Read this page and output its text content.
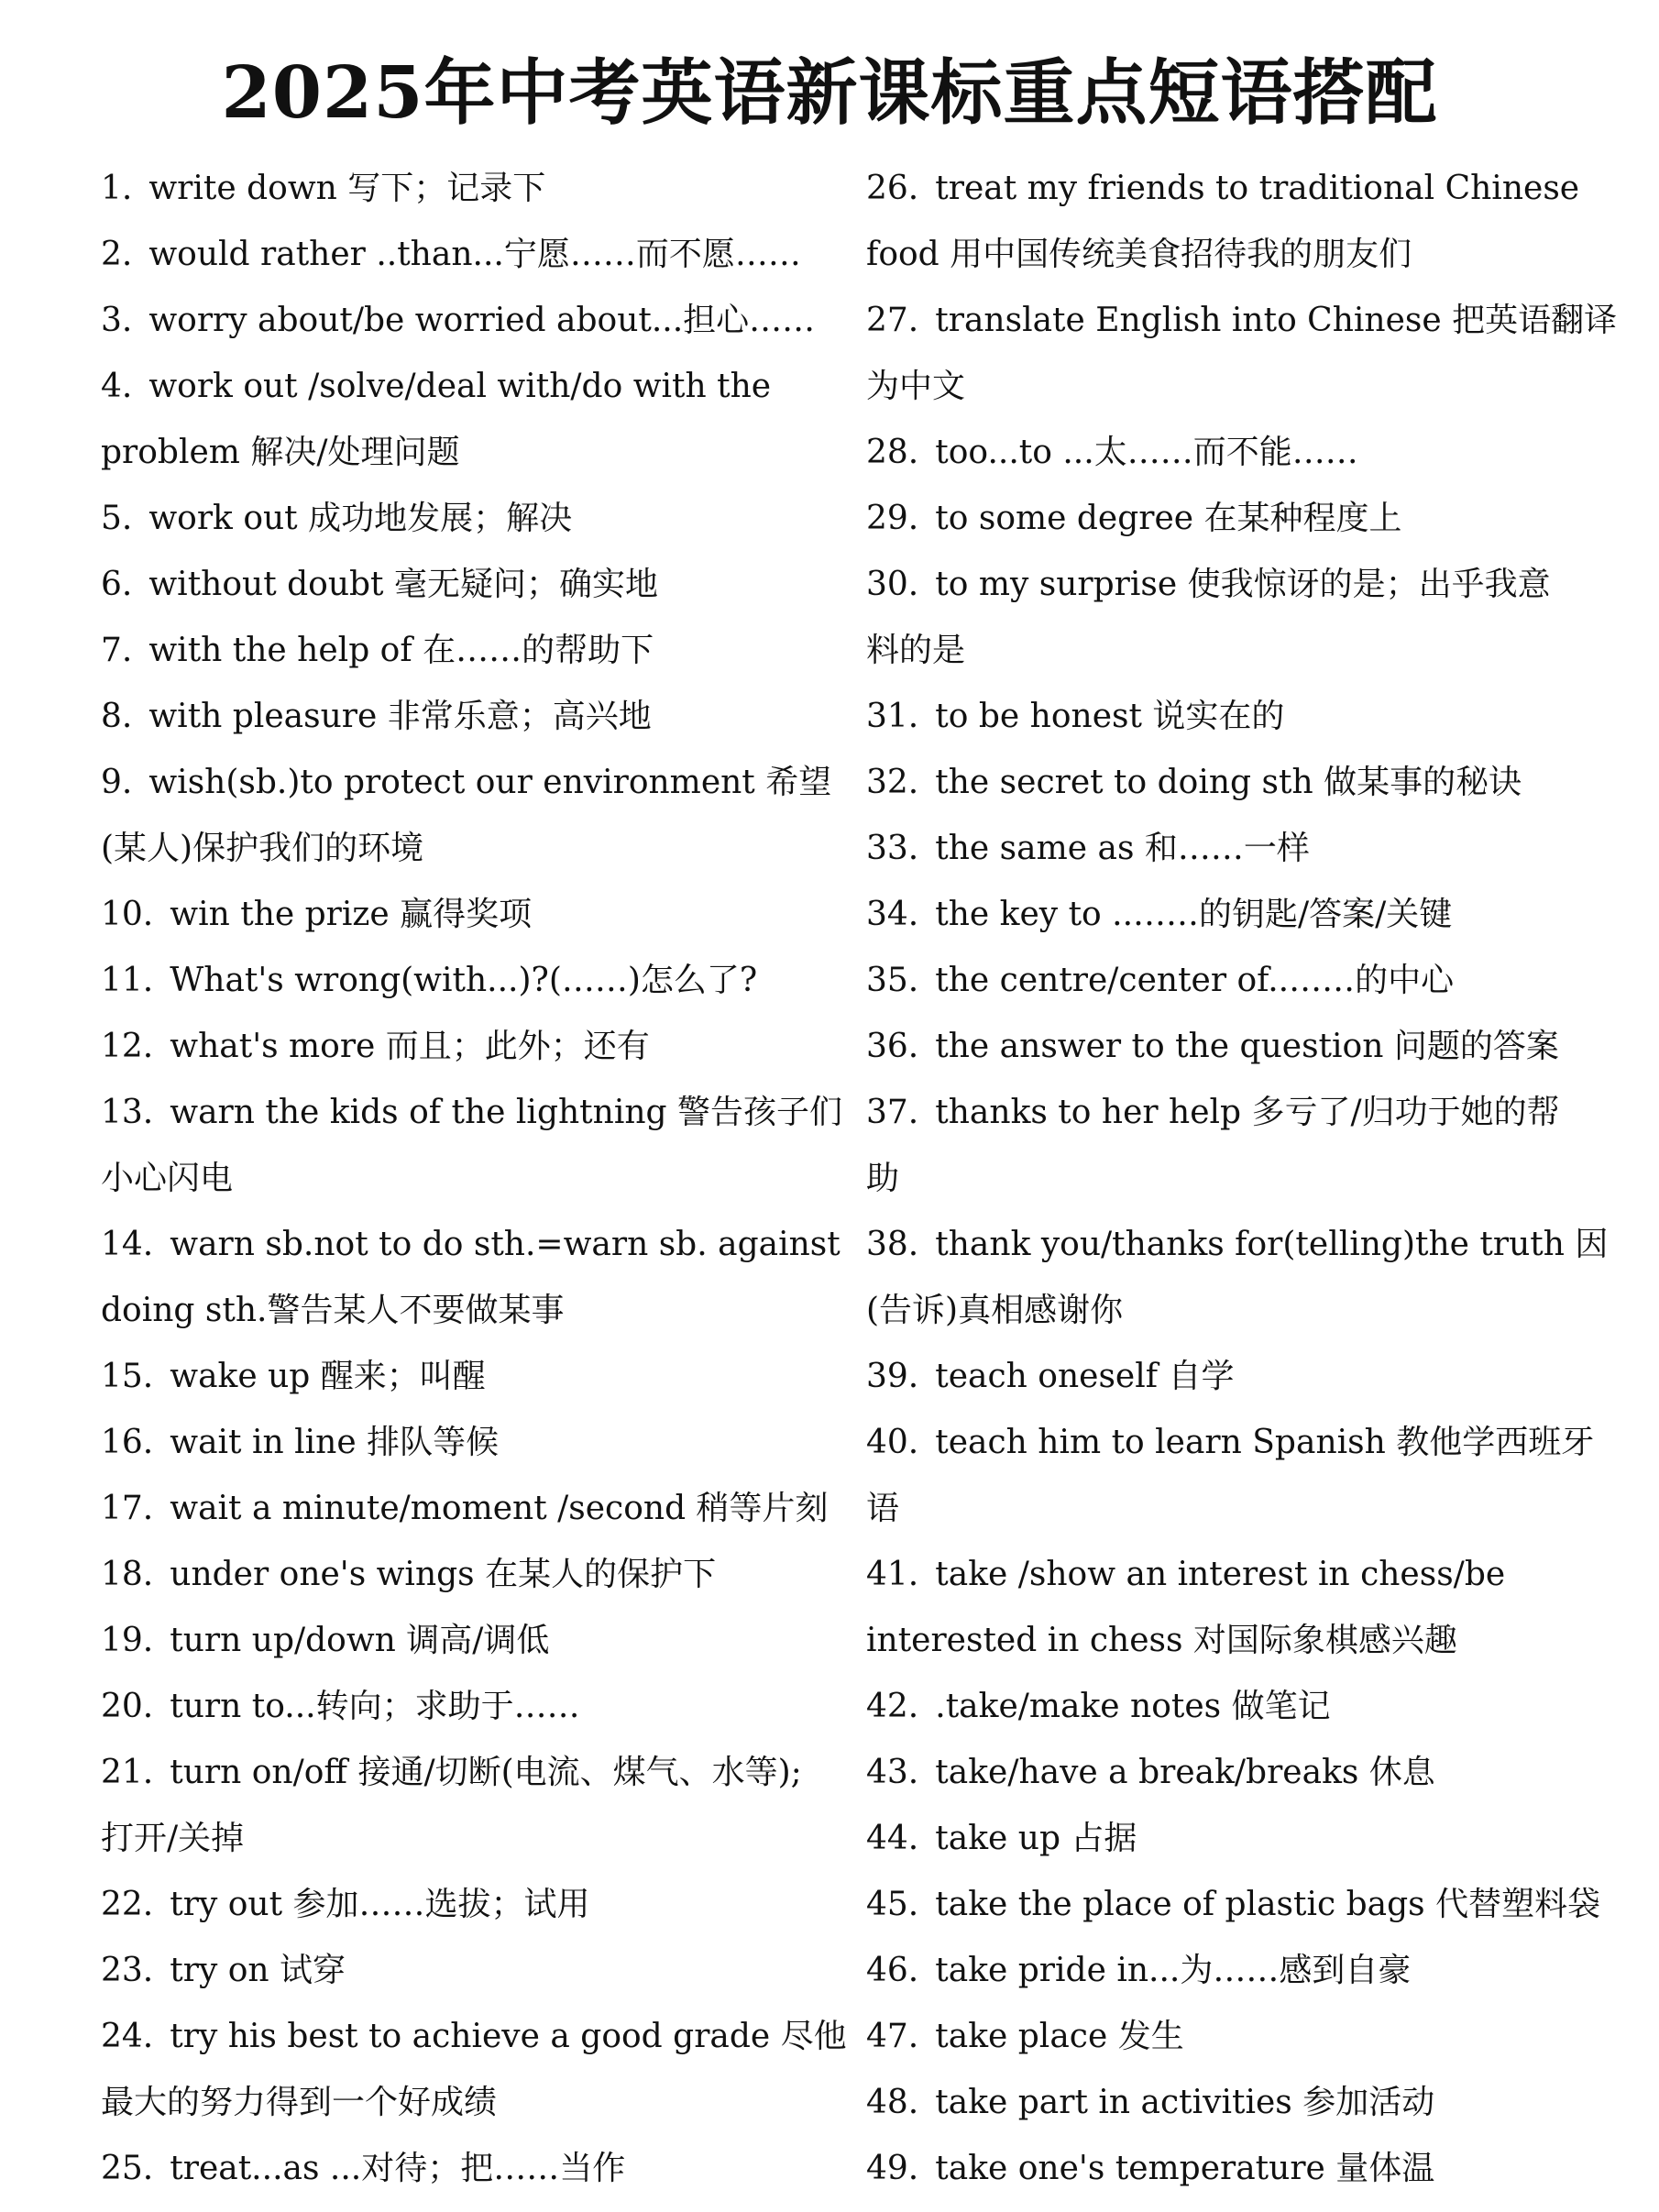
2025年中考英语新课标重点短语搭配
1. write down 写下；记录下
2. would rather ..than...宁愿……而不愿……
3. worry about/be worried about...担心……
4. work out /solve/deal with/do with the
problem 解决/处理问题
5. work out 成功地发展；解决
6. without doubt 毫无疑问；确实地
7. with the help of 在……的帮助下
8. with pleasure 非常乐意；高兴地
9. wish(sb.)to protect our environment 希望
(某人)保护我们的环境
10. win the prize 赢得奖项
11. What's wrong(with...)?(……)怎么了?
12. what's more 而且；此外；还有
13. warn the kids of the lightning 警告孩子们
小心闪电
14. warn sb.not to do sth.=warn sb. against
doing sth.警告某人不要做某事
15. wake up 醒来；叫醒
16. wait in line 排队等候
17. wait a minute/moment /second 稍等片刻
18. under one's wings 在某人的保护下
19. turn up/down 调高/调低
20. turn to...转向；求助于……
21. turn on/off 接通/切断(电流、煤气、水等);
打开/关掉
22. try out 参加……选拔；试用
23. try on 试穿
24. try his best to achieve a good grade 尽他
最大的努力得到一个好成绩
25. treat...as ...对待；把……当作
26. treat my friends to traditional Chinese
food 用中国传统美食招待我的朋友们
27. translate English into Chinese 把英语翻译
为中文
28. too...to ...太……而不能……
29. to some degree 在某种程度上
30. to my surprise 使我惊讶的是；出乎我意
料的是
31. to be honest 说实在的
32. the secret to doing sth 做某事的秘诀
33. the same as 和……一样
34. the key to ..……的钥匙/答案/关键
35. the centre/center of..……的中心
36. the answer to the question 问题的答案
37. thanks to her help 多亏了/归功于她的帮
助
38. thank you/thanks for(telling)the truth 因
(告诉)真相感谢你
39. teach oneself 自学
40. teach him to learn Spanish 教他学西班牙
语
41. take /show an interest in chess/be
interested in chess 对国际象棋感兴趣
42. .take/make notes 做笔记
43. take/have a break/breaks 休息
44. take up 占据
45. take the place of plastic bags 代替塑料袋
46. take pride in...为……感到自豪
47. take place 发生
48. take part in activities 参加活动
49. take one's temperature 量体温
